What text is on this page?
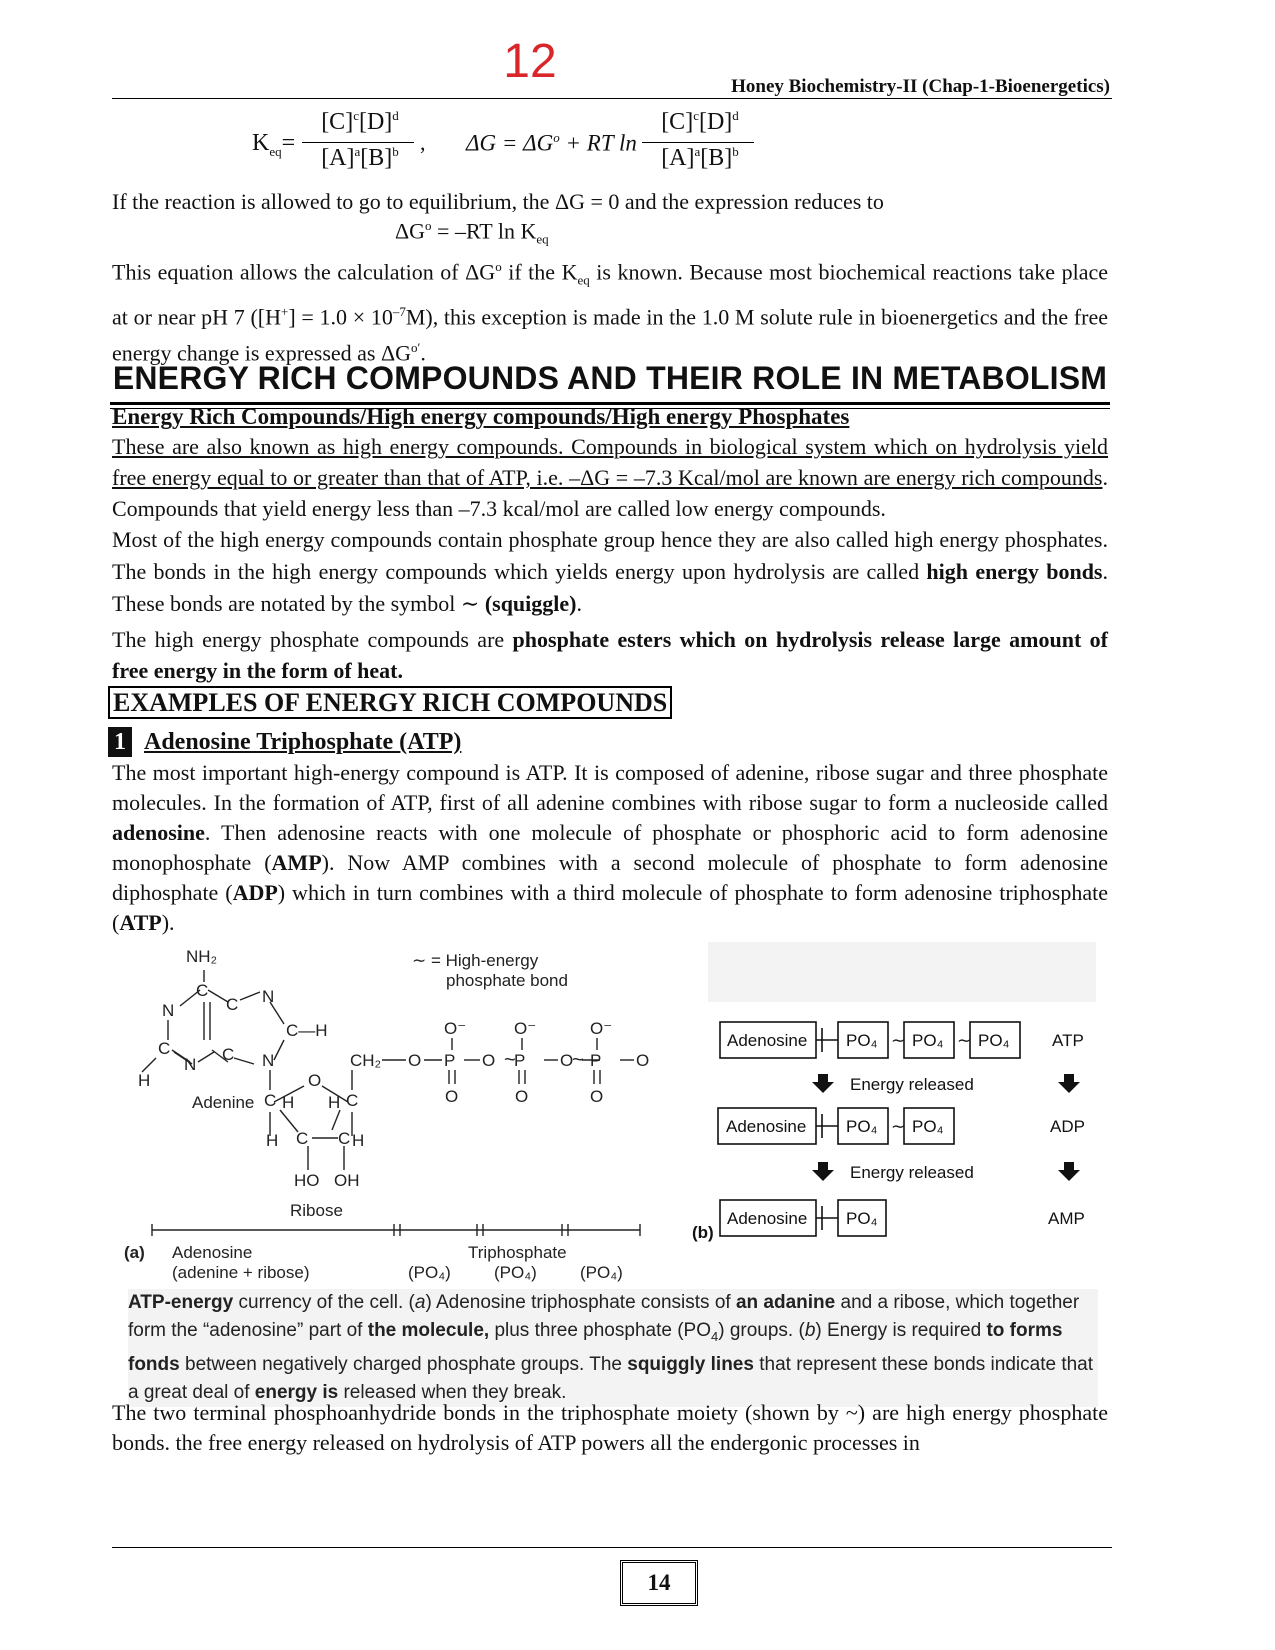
12	Honey Biochemistry-II (Chap-1-Bioenergetics)
$K_{eq}=$
$[C]^c[D]^d$
$[A]^a[B]^b$ , $\Delta G = \Delta G^o$ + RT ln
$[C]^c[D]^d$
$[A]^a[B]^b$
If the reaction is allowed to go to equilibrium, the ΔG = 0 and the expression reduces to
$\Delta G^o = -RT$ $\ln K_{eq}$
This equation allows the calculation of $\Delta G^o$ if the $K_{eq}$ is known. Because most biochemical reactions take place at or near pH 7 $([H^+] = 1.0 \times 10^{-7}M)$, this exception is made in the 1.0 M solute rule in bioenergetics and the free energy change is expressed as $\Delta G^{o'}$.
ENERGY RICH COMPOUNDS AND THEIR ROLE IN METABOLISM
Energy Rich Compounds/High energy compounds/High energy Phosphates
These are also known as high energy compounds. Compounds in biological system which on hydrolysis yield free energy equal to or greater than that of ATP, i.e. –ΔG = –7.3 Kcal/mol are known are energy rich compounds. Compounds that yield energy less than –7.3 kcal/mol are called low energy compounds.
Most of the high energy compounds contain phosphate group hence they are also called high energy phosphates. The bonds in the high energy compounds which yields energy upon hydrolysis are called high energy bonds. These bonds are notated by the symbol ∼ (squiggle).
The high energy phosphate compounds are phosphate esters which on hydrolysis release large amount of free energy in the form of heat.
EXAMPLES OF ENERGY RICH COMPOUNDS
1 Adenosine Triphosphate (ATP)
The most important high-energy compound is ATP. It is composed of adenine, ribose sugar and three phosphate molecules. In the formation of ATP, first of all adenine combines with ribose sugar to form a nucleoside called adenosine. Then adenosine reacts with one molecule of phosphate or phosphoric acid to form adenosine monophosphate (AMP). Now AMP combines with a second molecule of phosphate to form adenosine diphosphate (ADP) which in turn combines with a third molecule of phosphate to form adenosine triphosphate (ATP).
NH₂
C
N	C N
C—H
C
N
C N
H	O
Adenine C	C
H H
C C
H	H
HO OH
Ribose
CH₂ O P O ~
P O
~ P O
O⁻	O⁻	O⁻
O	O	O
∼ = High-energy
phosphate bond
(a) Adenosine
(adenine + ribose)
Triphosphate
(PO₄)	(PO₄)	(PO₄)
Adenosine PO₄ ∼ PO₄ ∼ PO₄ ATP
Energy released
Adenosine PO₄ ∼ PO₄	ADP
Energy released
(b)
Adenosine PO₄	AMP
ATP-energy currency of the cell. (a) Adenosine triphosphate consists of an adanine and a ribose, which together form the “adenosine” part of the molecule, plus three phosphate $(PO_4)$ groups. (b) Energy is required to forms fonds between negatively charged phosphate groups. The squiggly lines that represent these bonds indicate that a great deal of energy is released when they break.
The two terminal phosphoanhydride bonds in the triphosphate moiety (shown by ~) are high energy phosphate bonds. the free energy released on hydrolysis of ATP powers all the endergonic processes in
14
